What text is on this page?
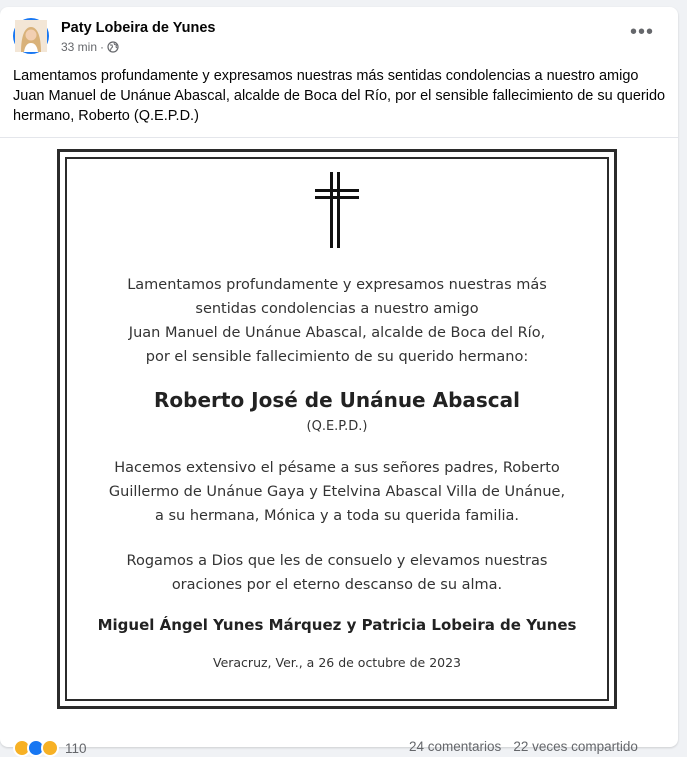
Paty Lobeira de Yunes
33 min ·
•••
Lamentamos profundamente y expresamos nuestras más sentidas condolencias a nuestro amigo Juan Manuel de Unánue Abascal, alcalde de Boca del Río, por el sensible fallecimiento de su querido hermano, Roberto (Q.E.P.D.)
Lamentamos profundamente y expresamos nuestras más
sentidas condolencias a nuestro amigo
Juan Manuel de Unánue Abascal, alcalde de Boca del Río,
por el sensible fallecimiento de su querido hermano:
Roberto José de Unánue Abascal
(Q.E.P.D.)
Hacemos extensivo el pésame a sus señores padres, Roberto
Guillermo de Unánue Gaya y Etelvina Abascal Villa de Unánue,
a su hermana, Mónica y a toda su querida familia.
Rogamos a Dios que les de consuelo y elevamos nuestras
oraciones por el eterno descanso de su alma.
Miguel Ángel Yunes Márquez y Patricia Lobeira de Yunes
Veracruz, Ver., a 26 de octubre de 2023
110	24 comentarios 22 veces compartido
